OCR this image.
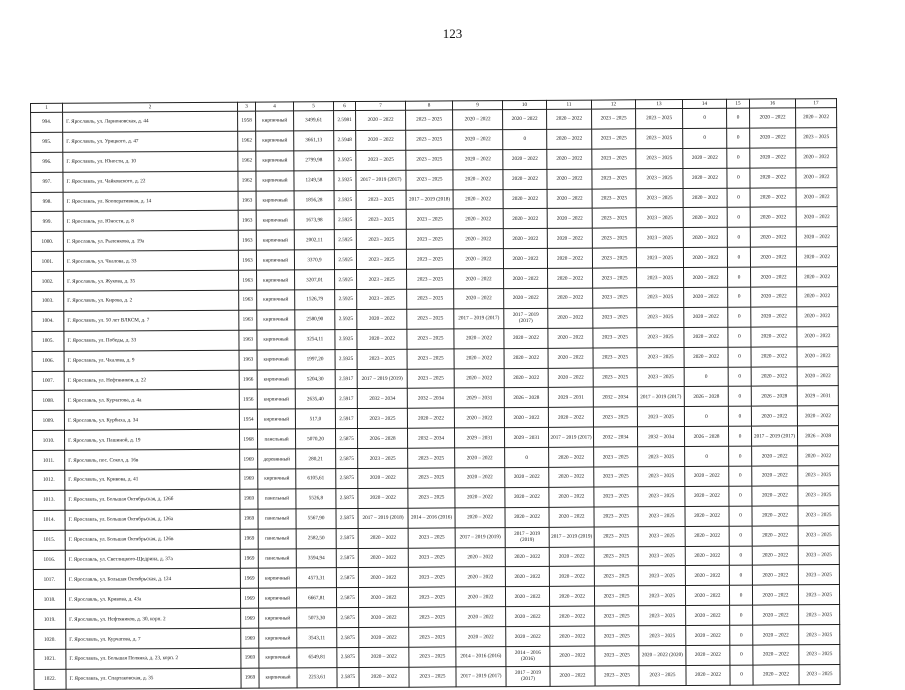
123
1	2	3	4	5	6	7	8	9	10	11	12	13	14	15	16	17
994.	Г. Ярославль, ул. Ларионовская, д. 44	1958	кирпичный	3499,61	2.5981	2020 – 2022	2023 – 2025	2020 – 2022	2020 – 2022	2020 – 2022	2023 – 2025	2023 – 2025	0	0	2020 – 2022	2020 – 2022
995.	Г. Ярославль, ул. Урицкого, д. 47	1962	кирпичный	3661,13	2.5948	2020 – 2022	2023 – 2025	2020 – 2022	0	2020 – 2022	2023 – 2025	2023 – 2025	0	0	2020 – 2022	2023 – 2025
996.	Г. Ярославль, ул. Юности, д. 10	1962	кирпичный	2799,98	2.5925	2023 – 2025	2023 – 2025	2020 – 2022	2020 – 2022	2020 – 2022	2023 – 2025	2023 – 2025	2020 – 2022	0	2020 – 2022	2020 – 2022
997.	Г. Ярославль, ул. Чайковского, д. 22	1962	кирпичный	1249,58	2.5925	2017 – 2019 (2017)	2023 – 2025	2020 – 2022	2020 – 2022	2020 – 2022	2023 – 2025	2023 – 2025	2020 – 2022	0	2020 – 2022	2020 – 2022
998.	Г. Ярославль, ул. Кооперативная, д. 14	1963	кирпичный	1856,28	2.5925	2023 – 2025	2017 – 2019 (2018)	2020 – 2022	2020 – 2022	2020 – 2022	2023 – 2025	2023 – 2025	2020 – 2022	0	2020 – 2022	2020 – 2022
999.	Г. Ярославль, ул. Юности, д. 8	1963	кирпичный	1673,98	2.5925	2023 – 2025	2023 – 2025	2020 – 2022	2020 – 2022	2020 – 2022	2023 – 2025	2023 – 2025	2020 – 2022	0	2020 – 2022	2020 – 2022
1000.	Г. Ярославль, ул. Рыленкова, д. 19а	1963	кирпичный	2002,11	2.5925	2023 – 2025	2023 – 2025	2020 – 2022	2020 – 2022	2020 – 2022	2023 – 2025	2023 – 2025	2020 – 2022	0	2020 – 2022	2020 – 2022
1001.	Г. Ярославль, ул. Чкалова, д. 33	1963	кирпичный	3370,9	2.5925	2023 – 2025	2023 – 2025	2020 – 2022	2020 – 2022	2020 – 2022	2023 – 2025	2023 – 2025	2020 – 2022	0	2020 – 2022	2020 – 2022
1002.	Г. Ярославль, ул. Жукова, д. 35	1963	кирпичный	3207,01	2.5925	2023 – 2025	2023 – 2025	2020 – 2022	2020 – 2022	2020 – 2022	2023 – 2025	2023 – 2025	2020 – 2022	0	2020 – 2022	2020 – 2022
1003.	Г. Ярославль, ул. Кирова, д. 2	1963	кирпичный	1526,79	2.5925	2023 – 2025	2023 – 2025	2020 – 2022	2020 – 2022	2020 – 2022	2023 – 2025	2023 – 2025	2020 – 2022	0	2020 – 2022	2020 – 2022
1004.	Г. Ярославль, ул. 50 лет ВЛКСМ, д. 7	1963	кирпичный	2580,90	2.5925	2020 – 2022	2023 – 2025	2017 – 2019 (2017)	2017 – 2019 (2017)	2020 – 2022	2023 – 2025	2023 – 2025	2020 – 2022	0	2020 – 2022	2020 – 2022
1005.	Г. Ярославль, ул. Победы, д. 33	1963	кирпичный	3254,11	2.5925	2020 – 2022	2023 – 2025	2020 – 2022	2020 – 2022	2020 – 2022	2023 – 2025	2023 – 2025	2020 – 2022	0	2020 – 2022	2020 – 2022
1006.	Г. Ярославль, ул. Чкалова, д. 9	1963	кирпичный	1997,20	2.5925	2023 – 2025	2023 – 2025	2020 – 2022	2020 – 2022	2020 – 2022	2023 – 2025	2023 – 2025	2020 – 2022	0	2020 – 2022	2020 – 2022
1007.	Г. Ярославль, ул. Нефтяников, д. 22	1966	кирпичный	5204,30	2.5917	2017 – 2019 (2019)	2023 – 2025	2020 – 2022	2020 – 2022	2020 – 2022	2023 – 2025	2023 – 2025	0	0	2020 – 2022	2020 – 2022
1008.	Г. Ярославль, ул. Курчатова, д. 4а	1956	кирпичный	2635,40	2.5917	2032 – 2034	2032 – 2034	2029 – 2031	2026 – 2028	2029 – 2031	2032 – 2034	2017 – 2019 (2017)	2026 – 2028	0	2026 – 2028	2029 – 2031
1009.	Г. Ярославль, ул. Курбиха, д. 34	1954	кирпичный	517,0	2.5917	2023 – 2025	2020 – 2022	2020 – 2022	2020 – 2022	2020 – 2022	2023 – 2025	2023 – 2025	0	0	2020 – 2022	2020 – 2022
1010.	Г. Ярославль, ул. Пашиной, д. 19	1968	панельный	5070,20	2.5875	2026 – 2028	2032 – 2034	2029 – 2031	2029 – 2031	2017 – 2019 (2017)	2032 – 2034	2032 – 2034	2026 – 2028	0	2017 – 2019 (2017)	2026 – 2028
1011.	Г. Ярославль, пос. Сокол, д. 16в	1969	деревянный	280,21	2.5875	2023 – 2025	2023 – 2025	2020 – 2022	0	2020 – 2022	2023 – 2025	2023 – 2025	0	0	2020 – 2022	2020 – 2022
1012.	Г. Ярославль, ул. Кривова, д. 41	1969	кирпичный	6105,61	2.5875	2020 – 2022	2023 – 2025	2020 – 2022	2020 – 2022	2020 – 2022	2023 – 2025	2023 – 2025	2020 – 2022	0	2020 – 2022	2023 – 2025
1013.	Г. Ярославль, ул. Большая Октябрьская, д. 126б	1969	панельный	5526,8	2.5875	2020 – 2022	2023 – 2025	2020 – 2022	2020 – 2022	2020 – 2022	2023 – 2025	2023 – 2025	2020 – 2022	0	2020 – 2022	2023 – 2025
1014.	Г. Ярославль, ул. Большая Октябрьская, д. 126а	1969	панельный	5567,90	2.5875	2017 – 2019 (2018)	2014 – 2016 (2016)	2020 – 2022	2020 – 2022	2020 – 2022	2023 – 2025	2023 – 2025	2020 – 2022	0	2020 – 2022	2023 – 2025
1015.	Г. Ярославль, ул. Большая Октябрьская, д. 126в	1969	панельный	2582,50	2.5875	2020 – 2022	2023 – 2025	2017 – 2019 (2019)	2017 – 2019 (2019)	2017 – 2019 (2019)	2023 – 2025	2023 – 2025	2020 – 2022	0	2020 – 2022	2023 – 2025
1016.	Г. Ярославль, ул. Светлицкого-Щедрина, д. 37а	1969	панельный	3594,94	2.5875	2020 – 2022	2023 – 2025	2020 – 2022	2020 – 2022	2020 – 2022	2023 – 2025	2023 – 2025	2020 – 2022	0	2020 – 2022	2023 – 2025
1017.	Г. Ярославль, ул. Большая Октябрьская, д. 124	1969	кирпичный	4573,31	2.5875	2020 – 2022	2023 – 2025	2020 – 2022	2020 – 2022	2020 – 2022	2023 – 2025	2023 – 2025	2020 – 2022	0	2020 – 2022	2023 – 2025
1018.	Г. Ярославль, ул. Кривова, д. 43а	1969	кирпичный	6667,81	2.5875	2020 – 2022	2023 – 2025	2020 – 2022	2020 – 2022	2020 – 2022	2023 – 2025	2023 – 2025	2020 – 2022	0	2020 – 2022	2023 – 2025
1019.	Г. Ярославль, ул. Нефтяников, д. 30, корп. 2	1969	кирпичный	5073,30	2.5875	2020 – 2022	2023 – 2025	2020 – 2022	2020 – 2022	2020 – 2022	2023 – 2025	2023 – 2025	2020 – 2022	0	2020 – 2022	2023 – 2025
1020.	Г. Ярославль, ул. Курчатова, д. 7	1969	кирпичный	3543,11	2.5875	2020 – 2022	2023 – 2025	2020 – 2022	2020 – 2022	2020 – 2022	2023 – 2025	2023 – 2025	2020 – 2022	0	2020 – 2022	2023 – 2025
1021.	Г. Ярославль, ул. Большая Полянка, д. 23, корп. 2	1969	кирпичный	6549,81	2.5875	2020 – 2022	2023 – 2025	2014 – 2016 (2016)	2014 – 2016 (2016)	2020 – 2022	2023 – 2025	2020 – 2022 (2020)	2020 – 2022	0	2020 – 2022	2023 – 2025
1022.	Г. Ярославль, ул. Спартаковская, д. 35	1969	кирпичный	2253,61	2.5875	2020 – 2022	2023 – 2025	2017 – 2019 (2017)	2017 – 2019 (2017)	2020 – 2022	2023 – 2025	2023 – 2025	2020 – 2022	0	2020 – 2022	2023 – 2025
